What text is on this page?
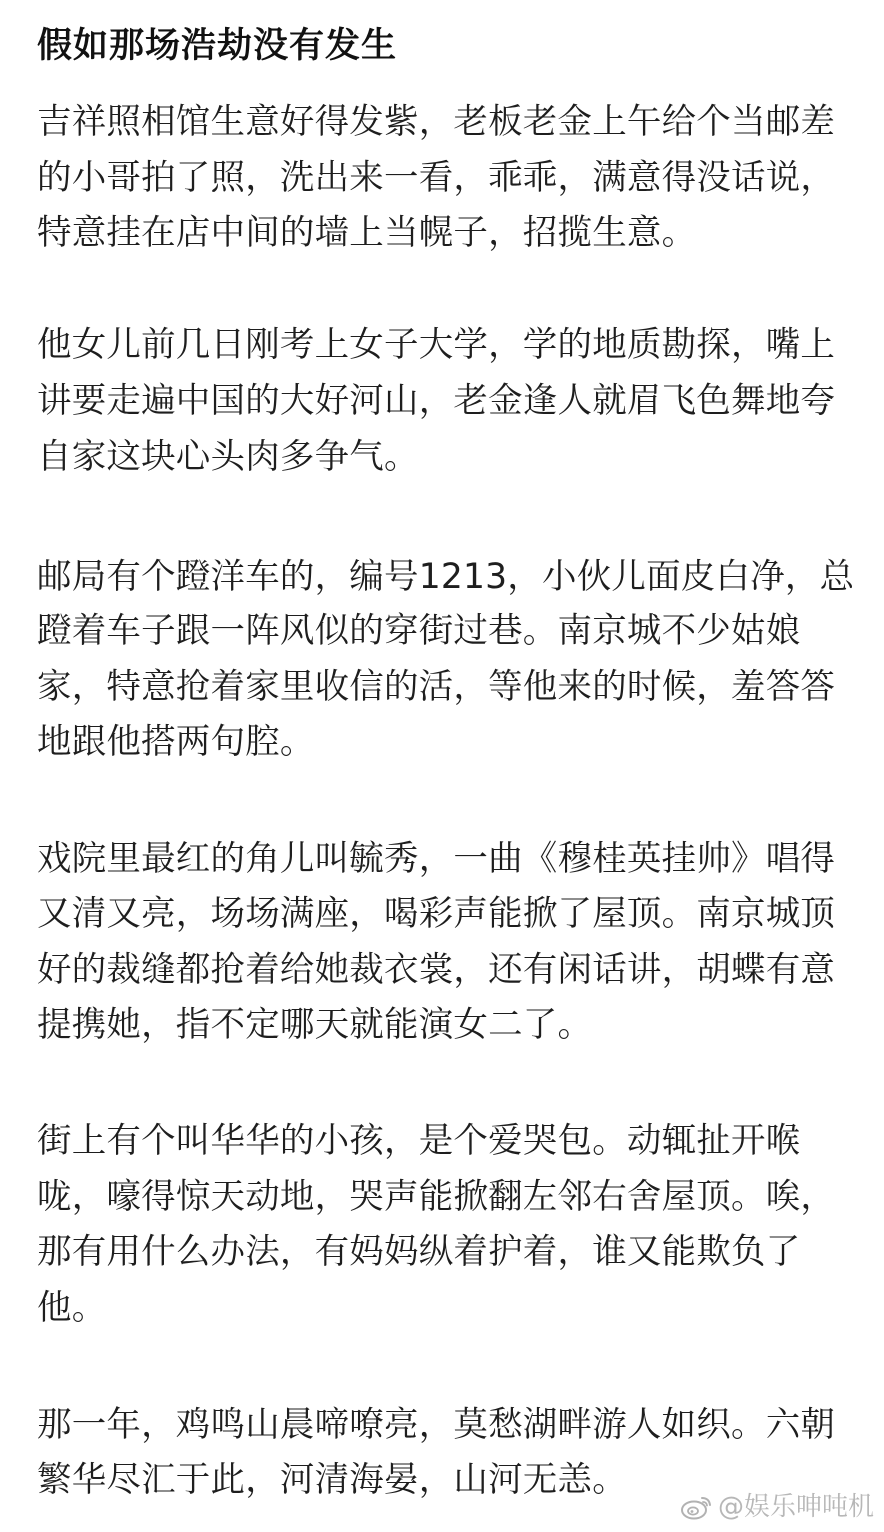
假如那场浩劫没有发生
吉祥照相馆生意好得发紫，老板老金上午给个当邮差
的小哥拍了照，洗出来一看，乖乖，满意得没话说，
特意挂在店中间的墙上当幌子，招揽生意。
他女儿前几日刚考上女子大学，学的地质勘探，嘴上
讲要走遍中国的大好河山，老金逢人就眉飞色舞地夸
自家这块心头肉多争气。
邮局有个蹬洋车的，编号1213，小伙儿面皮白净，总
蹬着车子跟一阵风似的穿街过巷。南京城不少姑娘
家，特意抢着家里收信的活，等他来的时候，羞答答
地跟他搭两句腔。
戏院里最红的角儿叫毓秀，一曲《穆桂英挂帅》唱得
又清又亮，场场满座，喝彩声能掀了屋顶。南京城顶
好的裁缝都抢着给她裁衣裳，还有闲话讲，胡蝶有意
提携她，指不定哪天就能演女二了。
街上有个叫华华的小孩，是个爱哭包。动辄扯开喉
咙，嚎得惊天动地，哭声能掀翻左邻右舍屋顶。唉，
那有用什么办法，有妈妈纵着护着，谁又能欺负了
他。
那一年，鸡鸣山晨啼嘹亮，莫愁湖畔游人如织。六朝
繁华尽汇于此，河清海晏，山河无恙。
@娱乐呻吨机
